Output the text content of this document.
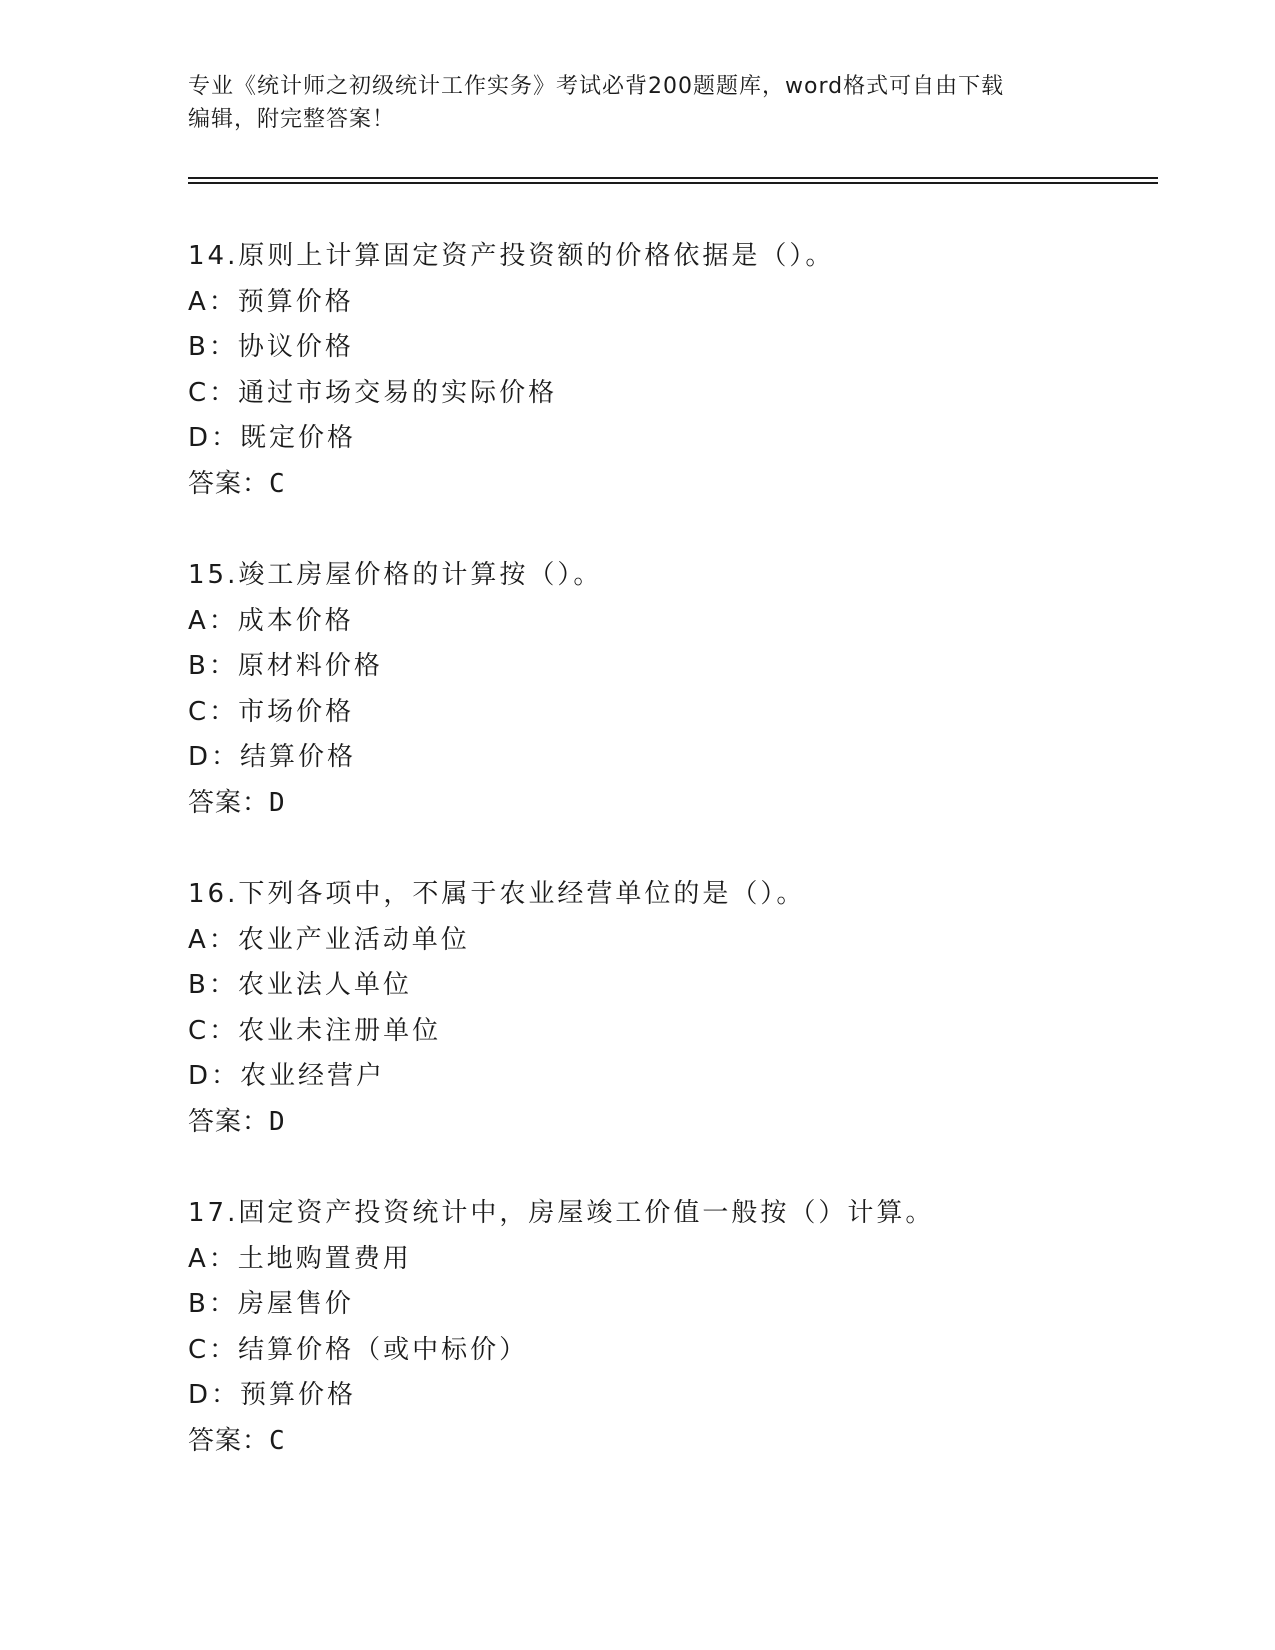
专业《统计师之初级统计工作实务》考试必背200题题库，word格式可自由下载
编辑，附完整答案！
14.原则上计算固定资产投资额的价格依据是（）。
A：预算价格
B：协议价格
C：通过市场交易的实际价格
D：既定价格
答案：C
15.竣工房屋价格的计算按（）。
A：成本价格
B：原材料价格
C：市场价格
D：结算价格
答案：D
16.下列各项中，不属于农业经营单位的是（）。
A：农业产业活动单位
B：农业法人单位
C：农业未注册单位
D：农业经营户
答案：D
17.固定资产投资统计中，房屋竣工价值一般按（）计算。
A：土地购置费用
B：房屋售价
C：结算价格（或中标价）
D：预算价格
答案：C
